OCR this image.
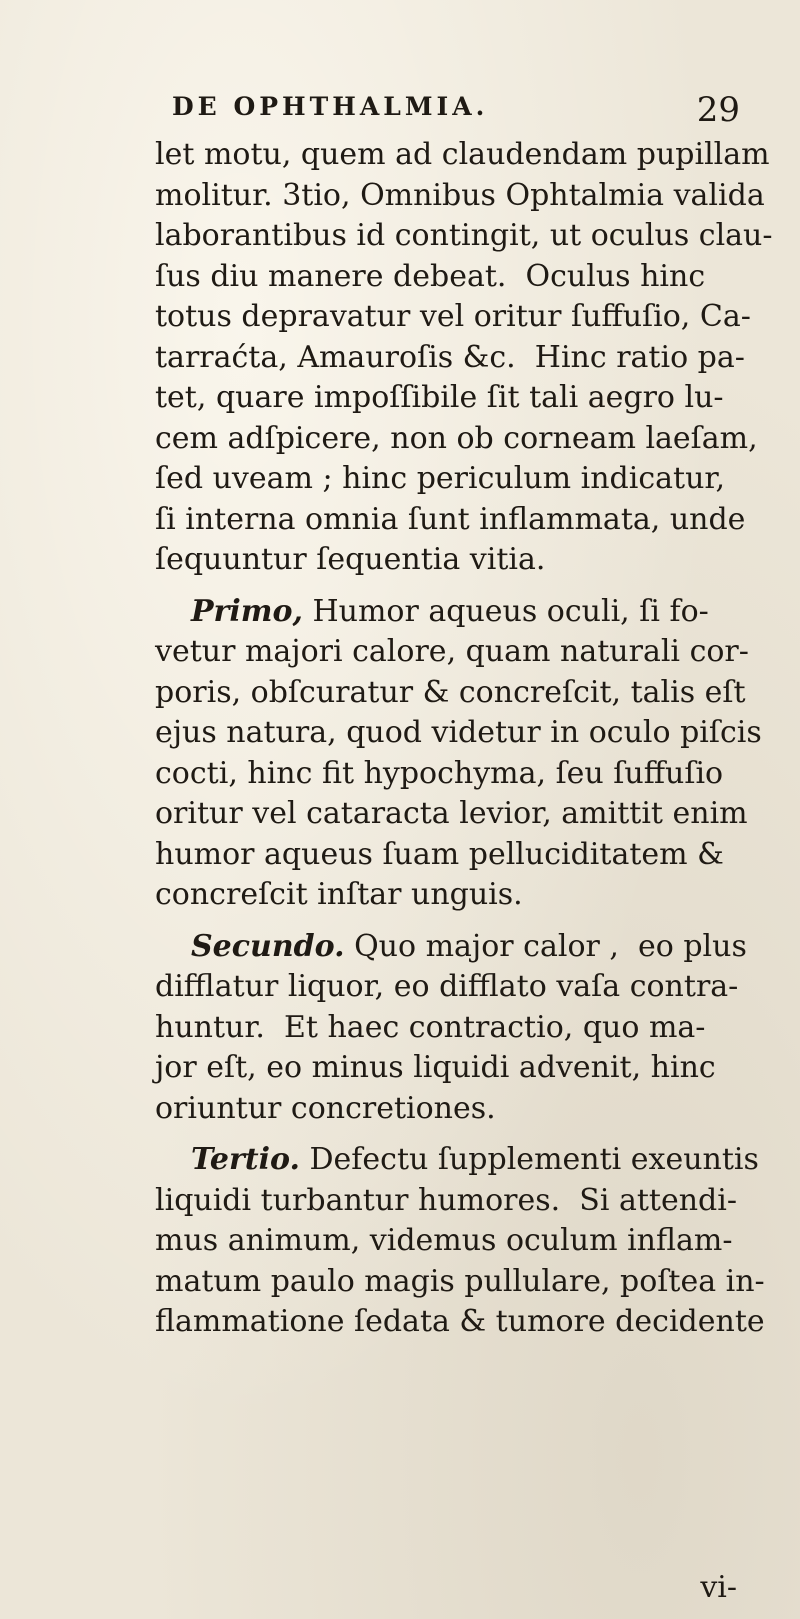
DE OPHTHALMIA.	29

let motu, quem ad claudendam pupillam

molitur. 3tio, Omnibus Ophtalmia valida

laborantibus id contingit, ut oculus clau-

ſus diu manere debeat.  Oculus hinc

totus depravatur vel oritur ſuffuſio, Ca-

tarraćta, Amauroſis &c.  Hinc ratio pa-

tet, quare impoſſibile ſit tali aegro lu-

cem adſpicere, non ob corneam laeſam,

ſed uveam ; hinc periculum indicatur,

ſi interna omnia ſunt inflammata, unde

ſequuntur ſequentia vitia.

Primo, Humor aqueus oculi, ſi fo-

vetur majori calore, quam naturali cor-

poris, obſcuratur & concreſcit, talis eſt

ejus natura, quod videtur in oculo piſcis

cocti, hinc fit hypochyma, ſeu ſuffuſio

oritur vel cataracta levior, amittit enim

humor aqueus ſuam pelluciditatem &

concreſcit inſtar unguis.

Secundo. Quo major calor ,  eo plus

difflatur liquor, eo difflato vaſa contra-

huntur.  Et haec contractio, quo ma-

jor eſt, eo minus liquidi advenit, hinc

oriuntur concretiones.

Tertio. Defectu ſupplementi exeuntis

liquidi turbantur humores.  Si attendi-

mus animum, videmus oculum inflam-

matum paulo magis pullulare, poſtea in-

flammatione ſedata & tumore decidente

vi-
